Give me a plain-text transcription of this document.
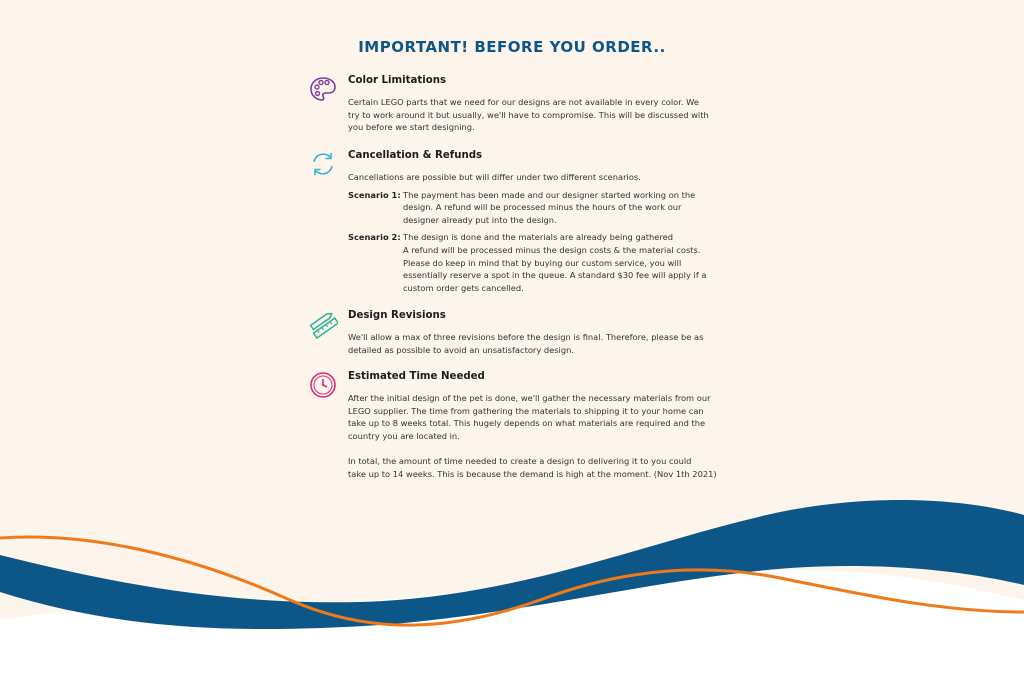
IMPORTANT! BEFORE YOU ORDER..

Color Limitations

Certain LEGO parts that we need for our designs are not available in every color. We
try to work around it but usually, we'll have to compromise. This will be discussed with
you before we start designing.

Cancellation & Refunds

Cancellations are possible but will differ under two different scenarios.

Scenario 1: The payment has been made and our designer started working on the
design. A refund will be processed minus the hours of the work our
designer already put into the design.
Scenario 2: The design is done and the materials are already being gathered
A refund will be processed minus the design costs & the material costs.
Please do keep in mind that by buying our custom service, you will
essentially reserve a spot in the queue. A standard $30 fee will apply if a
custom order gets cancelled.

Design Revisions

We'll allow a max of three revisions before the design is final. Therefore, please be as
detailed as possible to avoid an unsatisfactory design.

Estimated Time Needed

After the initial design of the pet is done, we'll gather the necessary materials from our
LEGO supplier. The time from gathering the materials to shipping it to your home can
take up to 8 weeks total. This hugely depends on what materials are required and the
country you are located in.

In total, the amount of time needed to create a design to delivering it to you could
take up to 14 weeks. This is because the demand is high at the moment. (Nov 1th 2021)
